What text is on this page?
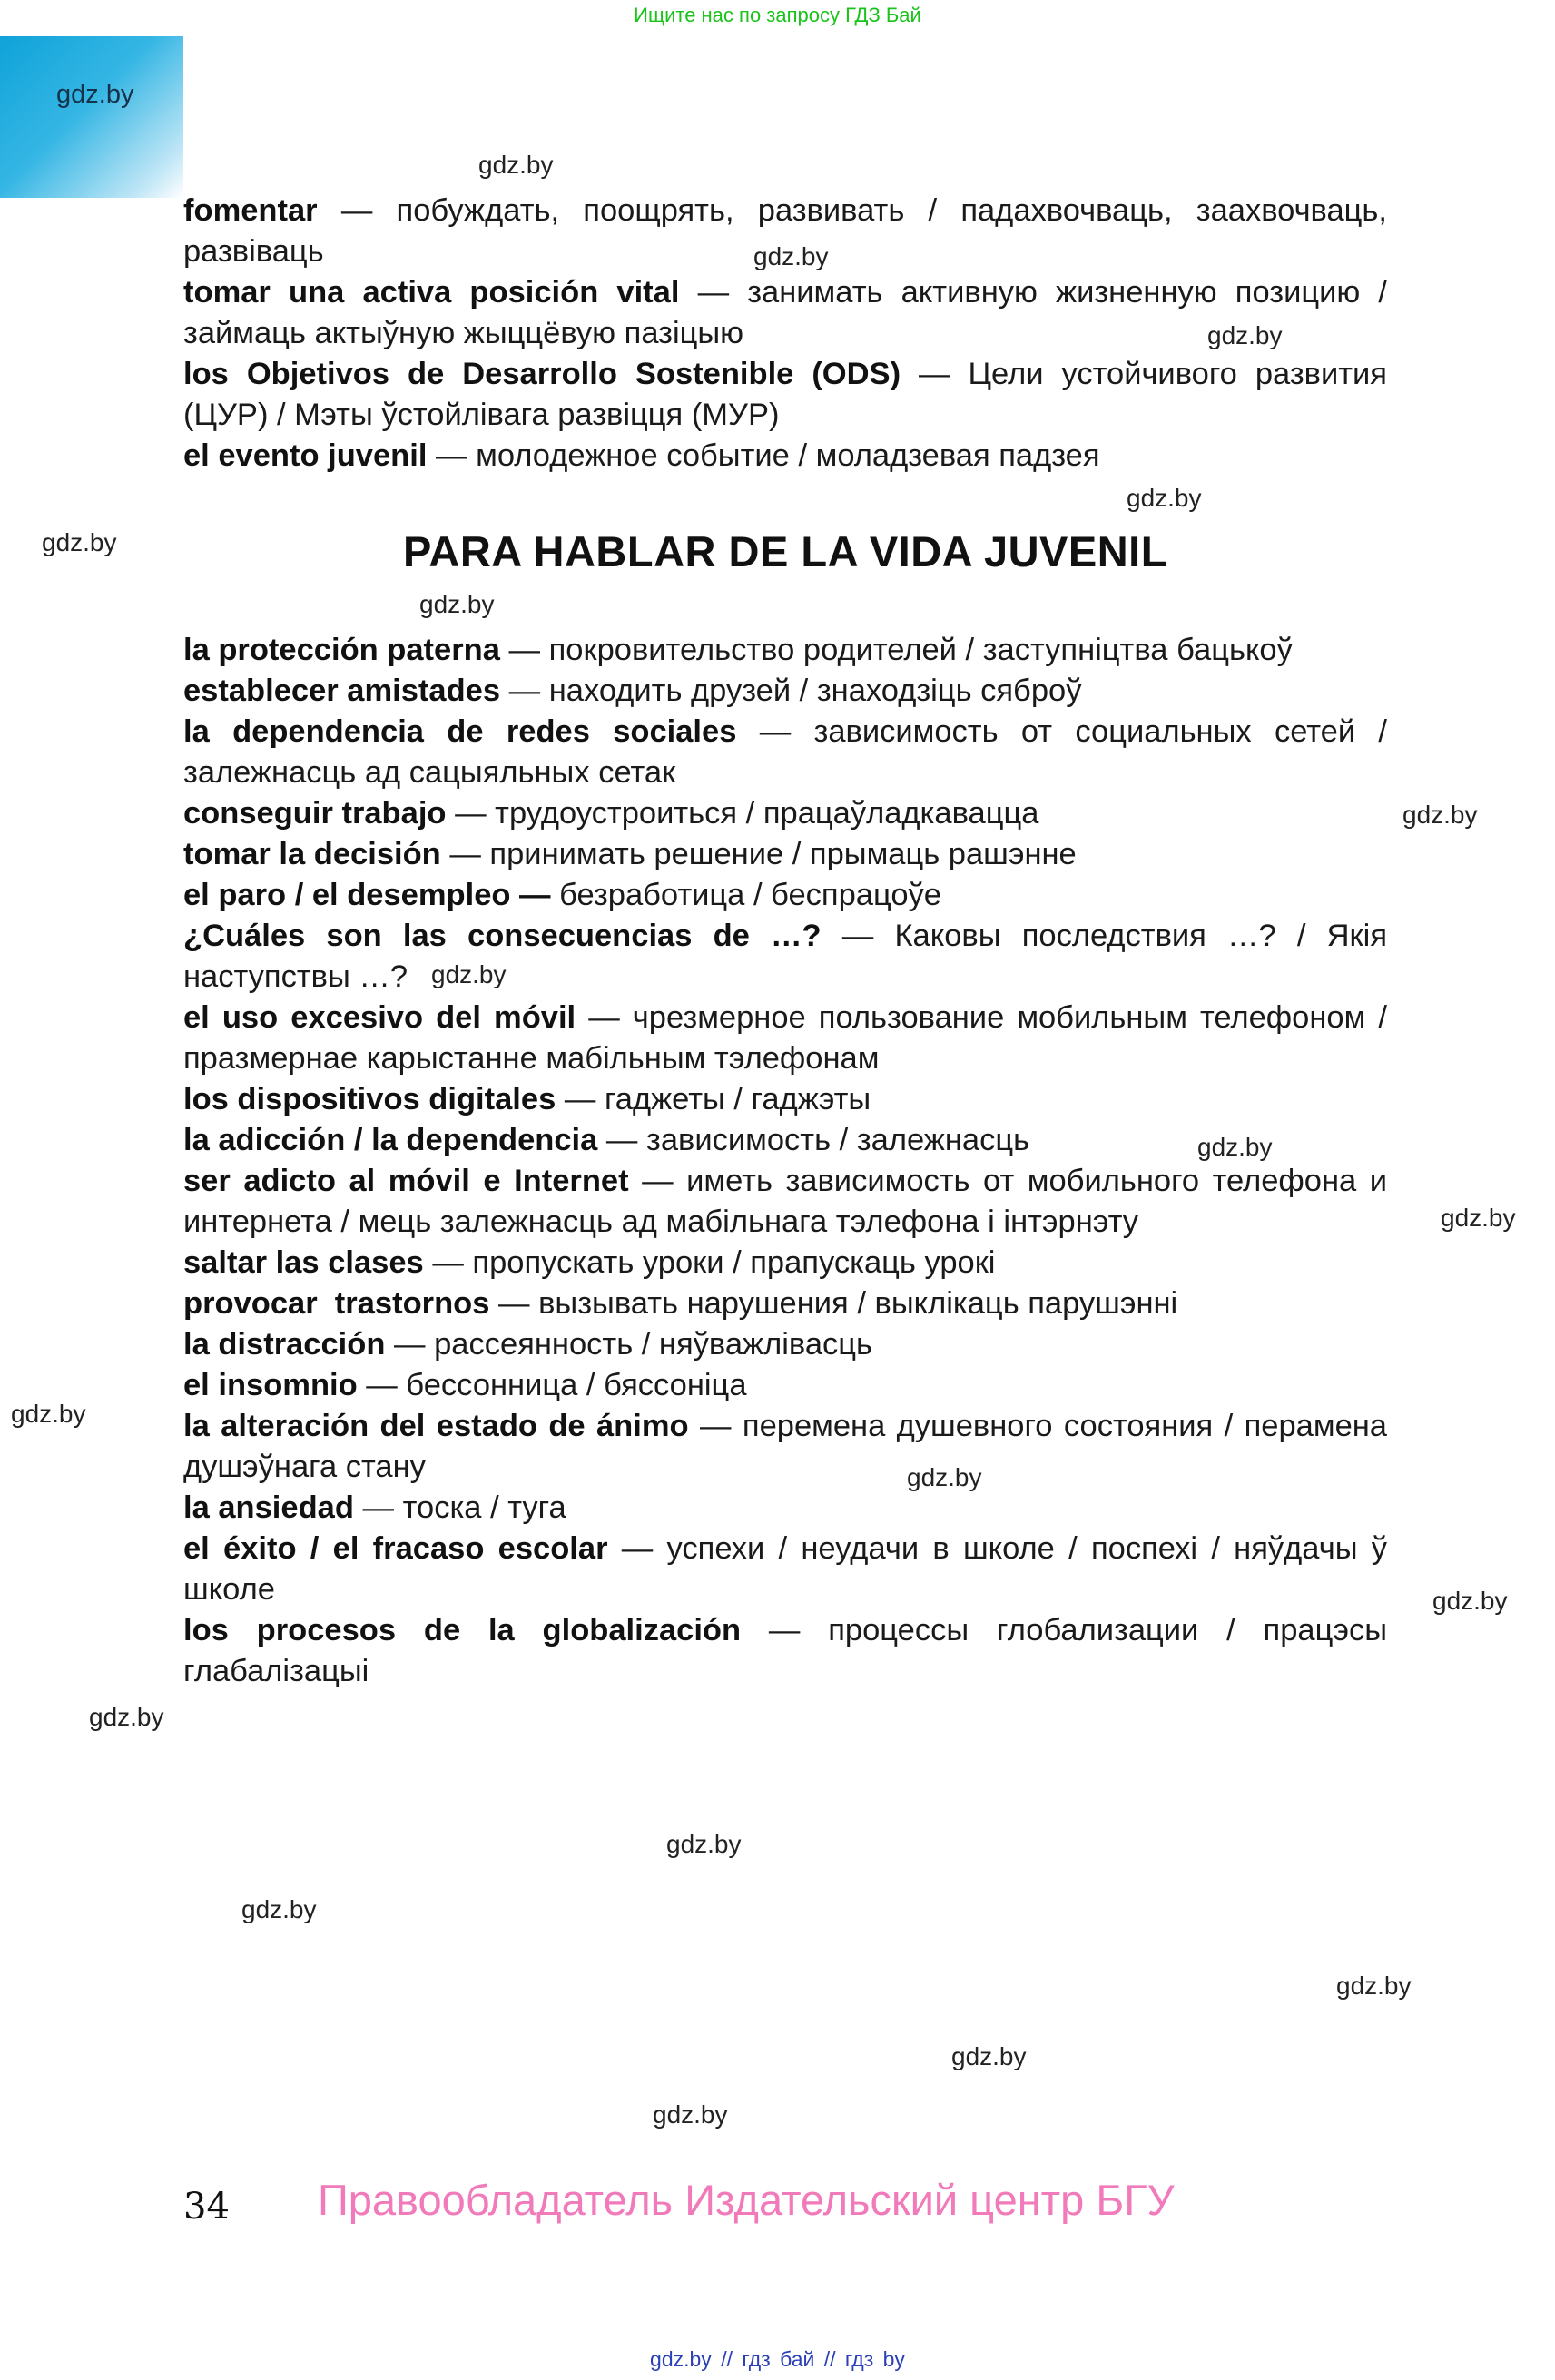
Ищите нас по запросу ГДЗ Бай
gdz.by
gdz.by
gdz.by
gdz.by
gdz.by
gdz.by
gdz.by
gdz.by
gdz.by
gdz.by
gdz.by
gdz.by
gdz.by
gdz.by
gdz.by
gdz.by
gdz.by
gdz.by
gdz.by
gdz.by

fomentar — побуждать, поощрять, развивать / падахвочваць, заахвочваць, развіваць

tomar una activa posición vital — занимать активную жизненную позицию / займаць актыўную жыццёвую пазіцыю

los Objetivos de Desarrollo Sostenible (ODS) — Цели устойчивого развития (ЦУР) / Мэты ўстойлівага развіцця (МУР)

el evento juvenil — молодежное событие / моладзевая падзея

PARA HABLAR DE LA VIDA JUVENIL

la protección paterna — покровительство родителей / заступніцтва бацькоў

establecer amistades — находить друзей / знаходзіць сяброў

la dependencia de redes sociales — зависимость от социальных сетей / залежнасць ад сацыяльных сетак

conseguir trabajo — трудоустроиться / працаўладкавацца

tomar la decisión — принимать решение / прымаць рашэнне

el paro / el desempleo — безработица / беспрацоўе

¿Cuáles son las consecuencias de …? — Каковы последствия …? / Якія наступствы …?

el uso excesivo del móvil — чрезмерное пользование мобильным телефоном / празмернае карыстанне мабільным тэлефонам

los dispositivos digitales — гаджеты / гаджэты

la adicción / la dependencia — зависимость / залежнасць

ser adicto al móvil e Internet — иметь зависимость от мобильного телефона и интернета / мець залежнасць ад мабільнага тэлефона і інтэрнэту

saltar las clases — пропускать уроки / прапускаць урокі

provocar  trastornos — вызывать нарушения / выклікаць парушэнні

la distracción — рассеянность / няўважлівасць

el insomnio — бессонница / бяссоніца

la alteración del estado de ánimo — перемена душевного состояния / перамена душэўнага стану

la ansiedad — тоска / туга

el éxito / el fracaso escolar — успехи / неудачи в школе / поспехі / няўдачы ў школе

los procesos de la globalización — процессы глобализации / працэсы глабалізацыі

34 Правообладатель Издательский центр БГУ
gdz.by // гдз бай // гдз by
